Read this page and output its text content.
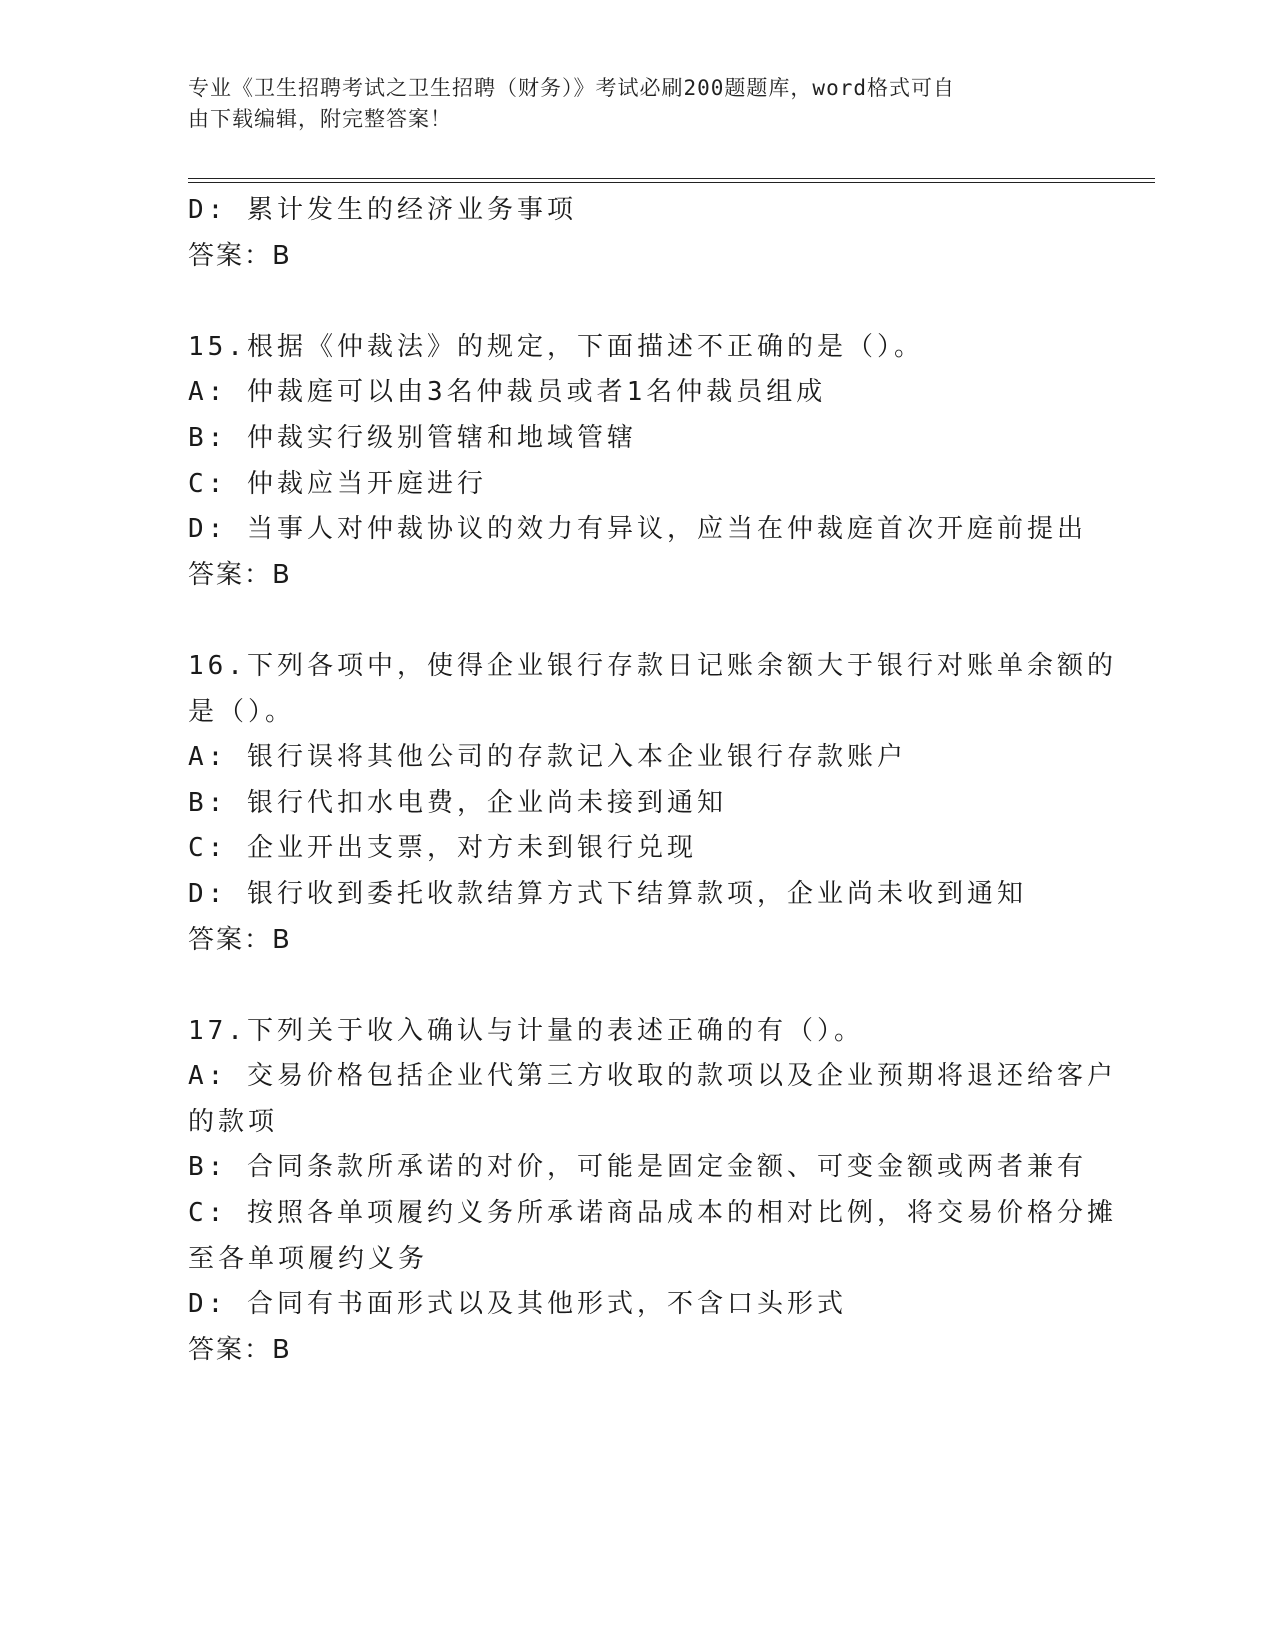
专业《卫生招聘考试之卫生招聘（财务）》考试必刷200题题库，word格式可自
由下载编辑，附完整答案！
D: 累计发生的经济业务事项
答案：B
15.根据《仲裁法》的规定，下面描述不正确的是（）。
A: 仲裁庭可以由3名仲裁员或者1名仲裁员组成
B: 仲裁实行级别管辖和地域管辖
C: 仲裁应当开庭进行
D: 当事人对仲裁协议的效力有异议，应当在仲裁庭首次开庭前提出
答案：B
16.下列各项中，使得企业银行存款日记账余额大于银行对账单余额的
是（）。
A: 银行误将其他公司的存款记入本企业银行存款账户
B: 银行代扣水电费，企业尚未接到通知
C: 企业开出支票，对方未到银行兑现
D: 银行收到委托收款结算方式下结算款项，企业尚未收到通知
答案：B
17.下列关于收入确认与计量的表述正确的有（）。
A: 交易价格包括企业代第三方收取的款项以及企业预期将退还给客户
的款项
B: 合同条款所承诺的对价，可能是固定金额、可变金额或两者兼有
C: 按照各单项履约义务所承诺商品成本的相对比例，将交易价格分摊
至各单项履约义务
D: 合同有书面形式以及其他形式，不含口头形式
答案：B
